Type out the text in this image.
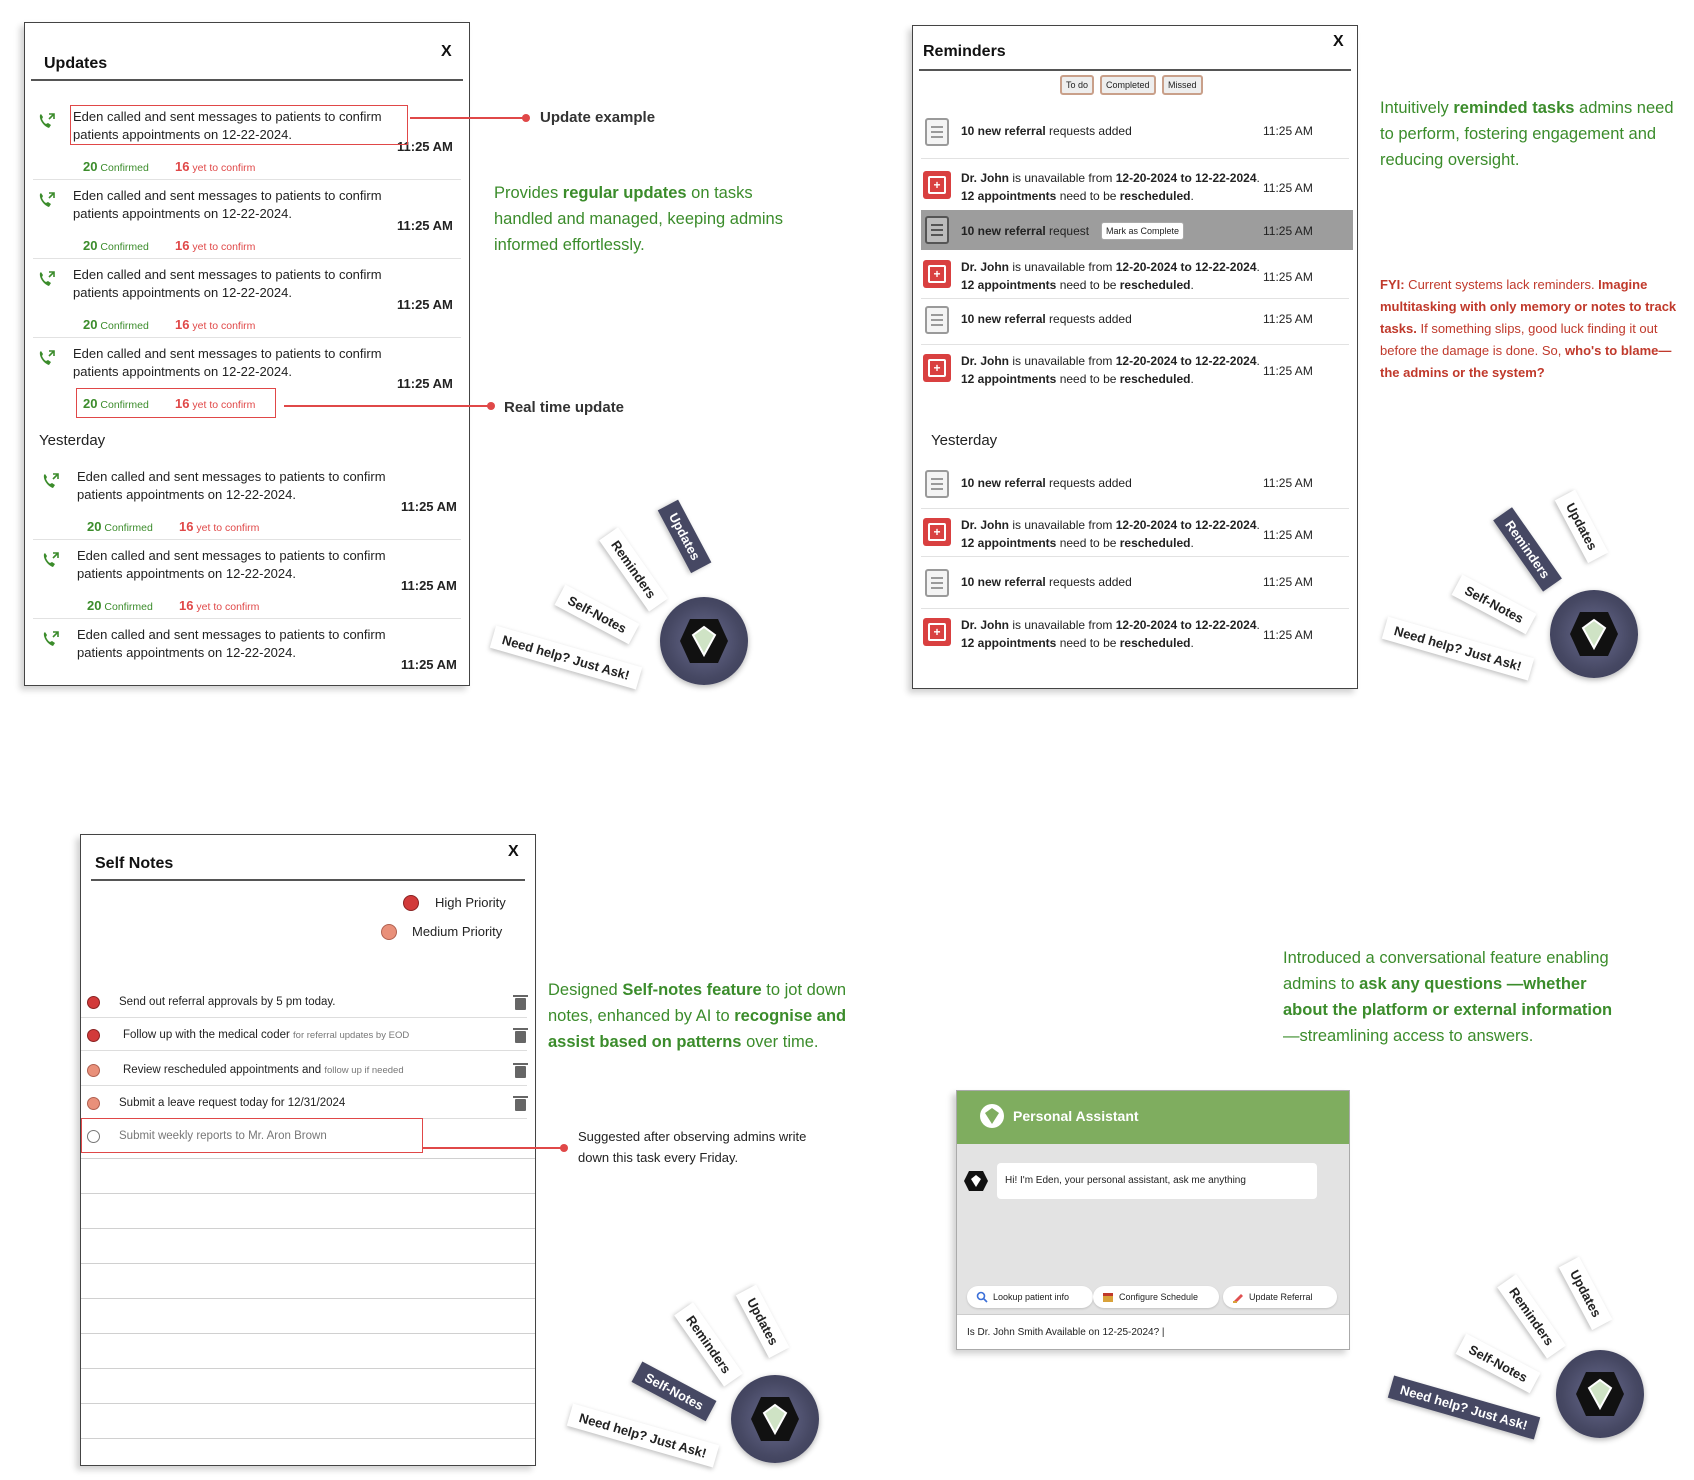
Updates
X
Eden called and sent messages to patients to confirm
patients appointments on 12-22-2024.
11:25 AM
20 Confirmed 16 yet to confirm
Eden called and sent messages to patients to confirm
patients appointments on 12-22-2024.
11:25 AM
20 Confirmed 16 yet to confirm
Eden called and sent messages to patients to confirm
patients appointments on 12-22-2024.
11:25 AM
20 Confirmed 16 yet to confirm
Eden called and sent messages to patients to confirm
patients appointments on 12-22-2024.
11:25 AM
20 Confirmed 16 yet to confirm
Eden called and sent messages to patients to confirm
patients appointments on 12-22-2024.
11:25 AM
20 Confirmed 16 yet to confirm
Eden called and sent messages to patients to confirm
patients appointments on 12-22-2024.
11:25 AM
20 Confirmed 16 yet to confirm
Eden called and sent messages to patients to confirm
patients appointments on 12-22-2024.
11:25 AM
Yesterday
Update example
Real time update
Provides regular updates on tasks handled and managed, keeping admins informed effortlessly.
Reminders
X
To do	Completed	Missed
10 new referral requests added	11:25 AM
+	Dr. John is unavailable from 12-20-2024 to 12-22-2024.
12 appointments need to be rescheduled.
11:25 AM
10 new referral request	Mark as Complete	11:25 AM
+	Dr. John is unavailable from 12-20-2024 to 12-22-2024.
12 appointments need to be rescheduled.
11:25 AM
10 new referral requests added	11:25 AM
+	Dr. John is unavailable from 12-20-2024 to 12-22-2024.
12 appointments need to be rescheduled.
11:25 AM
Yesterday
10 new referral requests added	11:25 AM
+	Dr. John is unavailable from 12-20-2024 to 12-22-2024.
12 appointments need to be rescheduled.
11:25 AM
10 new referral requests added	11:25 AM
+	Dr. John is unavailable from 12-20-2024 to 12-22-2024.
12 appointments need to be rescheduled.
11:25 AM
Intuitively reminded tasks admins need to perform, fostering engagement and reducing oversight.
FYI: Current systems lack reminders. Imagine multitasking with only memory or notes to track tasks. If something slips, good luck finding it out before the damage is done. So, who's to blame—the admins or the system?
Self Notes
X
High Priority
Medium Priority
Send out referral approvals by 5 pm today.
Follow up with the medical coder for referral updates by EOD
Review rescheduled appointments and follow up if needed
Submit a leave request today for 12/31/2024
Submit weekly reports to Mr. Aron Brown	Suggested after observing admins write down this task every Friday.
Designed Self-notes feature to jot down notes, enhanced by AI to recognise and assist based on patterns over time.
Introduced a conversational feature enabling admins to ask any questions —whether about the platform or external information—streamlining access to answers.
Personal Assistant
Hi! I'm Eden, your personal assistant, ask me anything
Lookup patient info	Configure Schedule	Update Referral
Is Dr. John Smith Available on 12-25-2024? |
Updates
Reminders
Self-Notes
Need help? Just Ask!
Updates
Reminders
Self-Notes
Need help? Just Ask!
Updates
Reminders
Self-Notes
Need help? Just Ask!
Updates
Reminders
Self-Notes
Need help? Just Ask!
